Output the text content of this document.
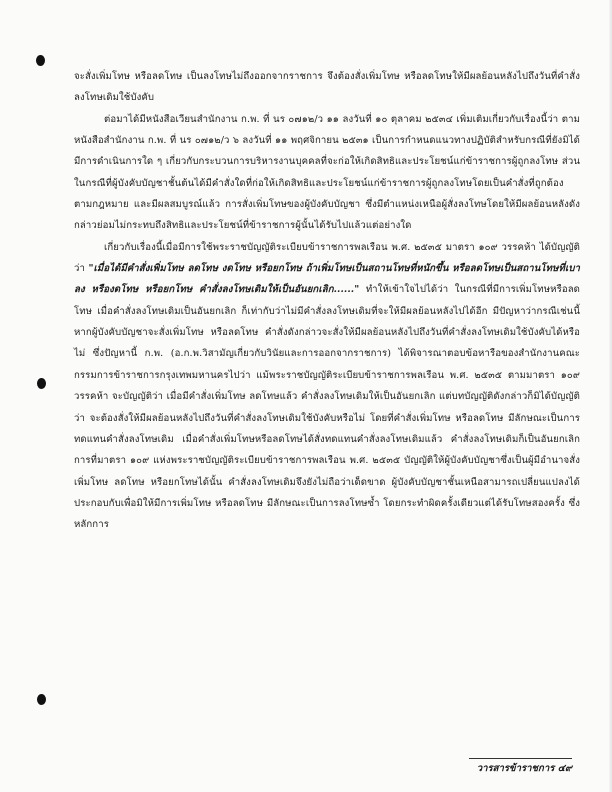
จะสั่งเพิ่มโทษ หรือลดโทษ เป็นลงโทษไม่ถึงออกจากราชการ จึงต้องสั่งเพิ่มโทษ หรือลดโทษให้มีผลย้อนหลังไปถึงวันที่คำสั่งลงโทษเดิมใช้บังคับ

ต่อมาได้มีหนังสือเวียนสำนักงาน ก.พ. ที่ นร ๐๗๑๒/ว ๑๑ ลงวันที่ ๑๐ ตุลาคม ๒๕๓๔ เพิ่มเติมเกี่ยวกับเรื่องนี้ว่า ตามหนังสือสำนักงาน ก.พ. ที่ นร ๐๗๑๒/ว ๖ ลงวันที่ ๑๑ พฤศจิกายน ๒๕๓๑ เป็นการกำหนดแนวทางปฏิบัติสำหรับกรณีที่ยังมิได้มีการดำเนินการใด ๆ เกี่ยวกับกระบวนการบริหารงานบุคคลที่จะก่อให้เกิดสิทธิและประโยชน์แก่ข้าราชการผู้ถูกลงโทษ ส่วนในกรณีที่ผู้บังคับบัญชาชั้นต้นได้มีคำสั่งใดที่ก่อให้เกิดสิทธิและประโยชน์แก่ข้าราชการผู้ถูกลงโทษโดยเป็นคำสั่งที่ถูกต้องตามกฎหมาย และมีผลสมบูรณ์แล้ว การสั่งเพิ่มโทษของผู้บังคับบัญชา ซึ่งมีตำแหน่งเหนือผู้สั่งลงโทษโดยให้มีผลย้อนหลังดังกล่าวย่อมไม่กระทบถึงสิทธิและประโยชน์ที่ข้าราชการผู้นั้นได้รับไปแล้วแต่อย่างใด

เกี่ยวกับเรื่องนี้เมื่อมีการใช้พระราชบัญญัติระเบียบข้าราชการพลเรือน พ.ศ. ๒๕๓๕ มาตรา ๑๐๙ วรรคห้า ได้บัญญัติว่า "เมื่อได้มีคำสั่งเพิ่มโทษ ลดโทษ งดโทษ หรือยกโทษ ถ้าเพิ่มโทษเป็นสถานโทษที่หนักขึ้น หรือลดโทษเป็นสถานโทษที่เบาลง หรืองดโทษ หรือยกโทษ คำสั่งลงโทษเดิมให้เป็นอันยกเลิก......" ทำให้เข้าใจไปได้ว่า ในกรณีที่มีการเพิ่มโทษหรือลดโทษ เมื่อคำสั่งลงโทษเดิมเป็นอันยกเลิก ก็เท่ากับว่าไม่มีคำสั่งลงโทษเดิมที่จะให้มีผลย้อนหลังไปได้อีก มีปัญหาว่ากรณีเช่นนี้ หากผู้บังคับบัญชาจะสั่งเพิ่มโทษ หรือลดโทษ คำสั่งดังกล่าวจะสั่งให้มีผลย้อนหลังไปถึงวันที่คำสั่งลงโทษเดิมใช้บังคับได้หรือไม่ ซึ่งปัญหานี้ ก.พ. (อ.ก.พ.วิสามัญเกี่ยวกับวินัยและการออกจากราชการ) ได้พิจารณาตอบข้อหารือของสำนักงานคณะกรรมการข้าราชการกรุงเทพมหานครไปว่า แม้พระราชบัญญัติระเบียบข้าราชการพลเรือน พ.ศ. ๒๕๓๕ ตามมาตรา ๑๐๙ วรรคห้า จะบัญญัติว่า เมื่อมีคำสั่งเพิ่มโทษ ลดโทษแล้ว คำสั่งลงโทษเดิมให้เป็นอันยกเลิก แต่บทบัญญัติดังกล่าวก็มิได้บัญญัติว่า จะต้องสั่งให้มีผลย้อนหลังไปถึงวันที่คำสั่งลงโทษเดิมใช้บังคับหรือไม่ โดยที่คำสั่งเพิ่มโทษ หรือลดโทษ มีลักษณะเป็นการทดแทนคำสั่งลงโทษเดิม เมื่อคำสั่งเพิ่มโทษหรือลดโทษได้สั่งทดแทนคำสั่งลงโทษเดิมแล้ว คำสั่งลงโทษเดิมก็เป็นอันยกเลิก การที่มาตรา ๑๐๙ แห่งพระราชบัญญัติระเบียบข้าราชการพลเรือน พ.ศ. ๒๕๓๕ บัญญัติให้ผู้บังคับบัญชาซึ่งเป็นผู้มีอำนาจสั่งเพิ่มโทษ ลดโทษ หรือยกโทษได้นั้น คำสั่งลงโทษเดิมจึงยังไม่ถือว่าเด็ดขาด ผู้บังคับบัญชาชั้นเหนือสามารถเปลี่ยนแปลงได้ ประกอบกับเพื่อมิให้มีการเพิ่มโทษ หรือลดโทษ มีลักษณะเป็นการลงโทษซ้ำ โดยกระทำผิดครั้งเดียวแต่ได้รับโทษสองครั้ง ซึ่งหลักการ

วารสารข้าราชการ ๔๙
